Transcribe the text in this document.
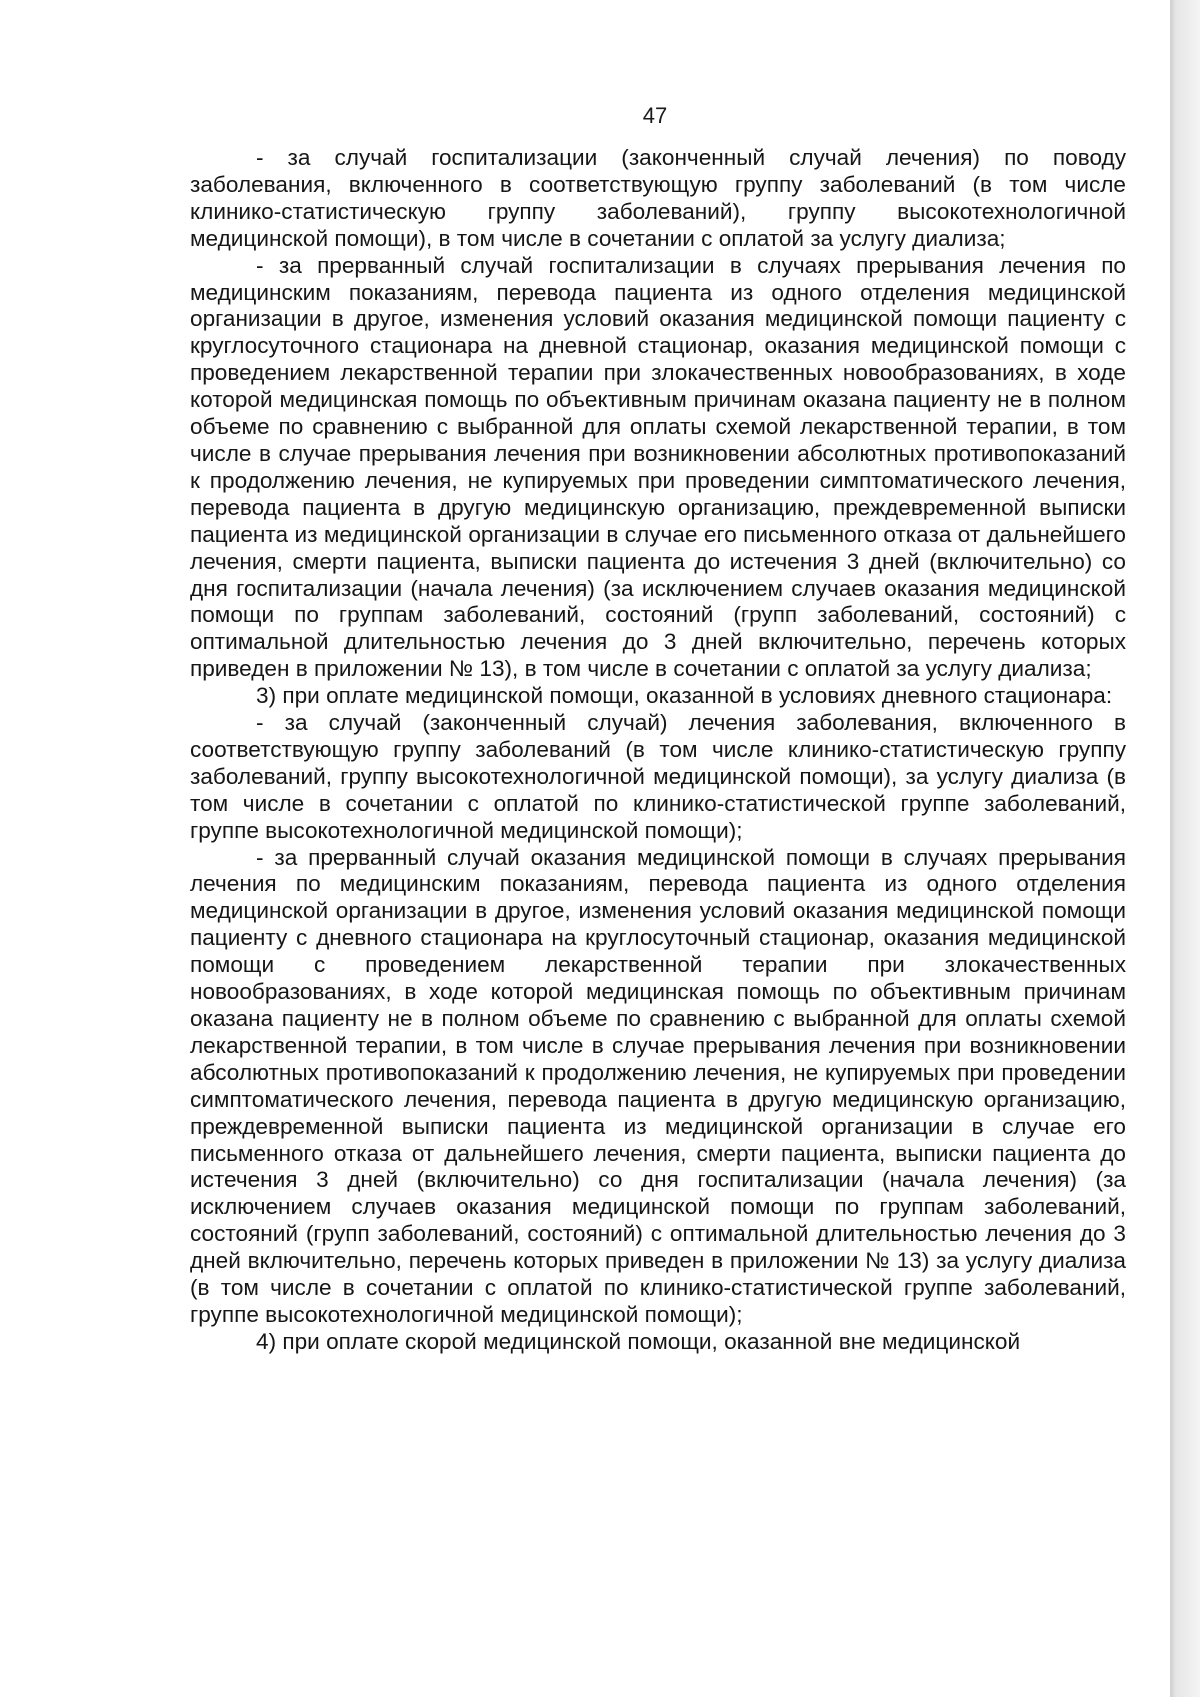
47

- за случай госпитализации (законченный случай лечения) по поводу заболевания, включенного в соответствующую группу заболеваний (в том числе клинико-статистическую группу заболеваний), группу высокотехнологичной медицинской помощи), в том числе в сочетании с оплатой за услугу диализа;

- за прерванный случай госпитализации в случаях прерывания лечения по медицинским показаниям, перевода пациента из одного отделения медицинской организации в другое, изменения условий оказания медицинской помощи пациенту с круглосуточного стационара на дневной стационар, оказания медицинской помощи с проведением лекарственной терапии при злокачественных новообразованиях, в ходе которой медицинская помощь по объективным причинам оказана пациенту не в полном объеме по сравнению с выбранной для оплаты схемой лекарственной терапии, в том числе в случае прерывания лечения при возникновении абсолютных противопоказаний к продолжению лечения, не купируемых при проведении симптоматического лечения, перевода пациента в другую медицинскую организацию, преждевременной выписки пациента из медицинской организации в случае его письменного отказа от дальнейшего лечения, смерти пациента, выписки пациента до истечения 3 дней (включительно) со дня госпитализации (начала лечения) (за исключением случаев оказания медицинской помощи по группам заболеваний, состояний (групп заболеваний, состояний) с оптимальной длительностью лечения до 3 дней включительно, перечень которых приведен в приложении № 13), в том числе в сочетании с оплатой за услугу диализа;

3) при оплате медицинской помощи, оказанной в условиях дневного стационара:

- за случай (законченный случай) лечения заболевания, включенного в соответствующую группу заболеваний (в том числе клинико-статистическую группу заболеваний, группу высокотехнологичной медицинской помощи), за услугу диализа (в том числе в сочетании с оплатой по клинико-статистической группе заболеваний, группе высокотехнологичной медицинской помощи);

- за прерванный случай оказания медицинской помощи в случаях прерывания лечения по медицинским показаниям, перевода пациента из одного отделения медицинской организации в другое, изменения условий оказания медицинской помощи пациенту с дневного стационара на круглосуточный стационар, оказания медицинской помощи с проведением лекарственной терапии при злокачественных новообразованиях, в ходе которой медицинская помощь по объективным причинам оказана пациенту не в полном объеме по сравнению с выбранной для оплаты схемой лекарственной терапии, в том числе в случае прерывания лечения при возникновении абсолютных противопоказаний к продолжению лечения, не купируемых при проведении симптоматического лечения, перевода пациента в другую медицинскую организацию, преждевременной выписки пациента из медицинской организации в случае его письменного отказа от дальнейшего лечения, смерти пациента, выписки пациента до истечения 3 дней (включительно) со дня госпитализации (начала лечения) (за исключением случаев оказания медицинской помощи по группам заболеваний, состояний (групп заболеваний, состояний) с оптимальной длительностью лечения до 3 дней включительно, перечень которых приведен в приложении № 13) за услугу диализа (в том числе в сочетании с оплатой по клинико-статистической группе заболеваний, группе высокотехнологичной медицинской помощи);

4) при оплате скорой медицинской помощи, оказанной вне медицинской
